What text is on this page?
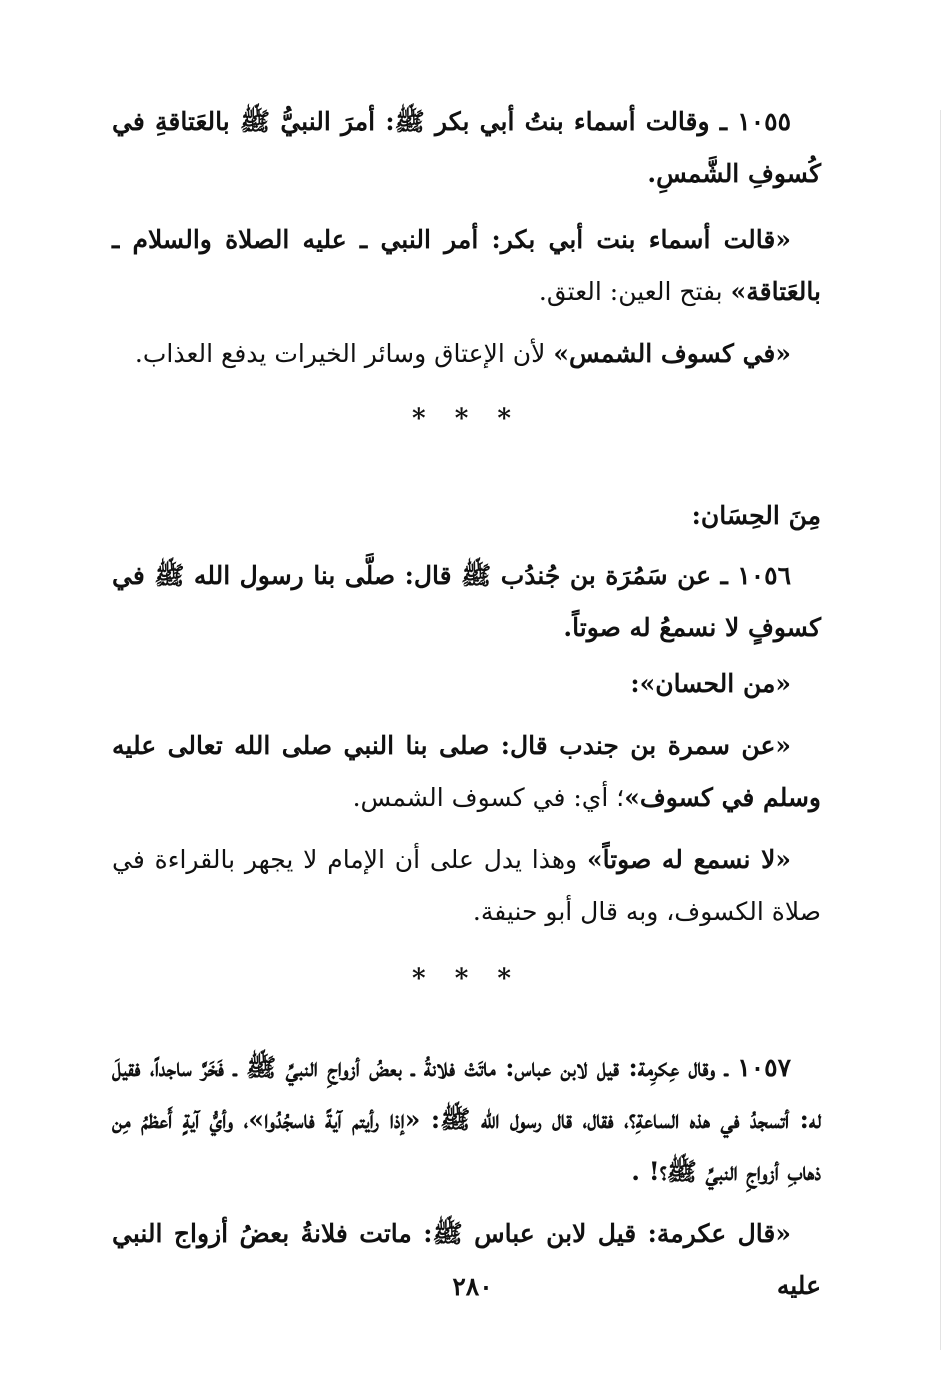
١٠٥٥ ـ وقالت أسماء بنتُ أبي بكر ﷺ: أمرَ النبيُّ ﷺ بالعَتاقةِ في كُسوفِ الشَّمسِ.

«قالت أسماء بنت أبي بكر: أمر النبي ـ عليه الصلاة والسلام ـ بالعَتاقة» بفتح العين: العتق.

«في كسوف الشمس» لأن الإعتاق وسائر الخيرات يدفع العذاب.

* * *
مِنَ الحِسَان:

١٠٥٦ ـ عن سَمُرَة بن جُندُب ﷺ قال: صلَّى بنا رسول الله ﷺ في كسوفٍ لا نسمعُ له صوتاً.

«من الحسان»:

«عن سمرة بن جندب قال: صلى بنا النبي صلى الله تعالى عليه وسلم في كسوف»؛ أي: في كسوف الشمس.

«لا نسمع له صوتاً» وهذا يدل على أن الإمام لا يجهر بالقراءة في صلاة الكسوف، وبه قال أبو حنيفة.

* * *

١٠٥٧ ـ وقال عِكرِمة: قيل لابن عباس: ماتَتْ فلانةُ ـ بعضُ أزواجِ النبيِّ ﷺ ـ فَخَرَّ ساجداً، فقيلَ له: أتسجدُ في هذه الساعةِ؟، فقال، قال رسول الله ﷺ: «إذا رأيتم آيةً فاسجُدُوا»، وأيُّ آيةٍ أَعظمُ مِن ذهابِ أزواجِ النبيِّ ﷺ؟! .

«قال عكرمة: قيل لابن عباس ﷺ: ماتت فلانةُ بعضُ أزواج النبي عليه

٢٨٠
